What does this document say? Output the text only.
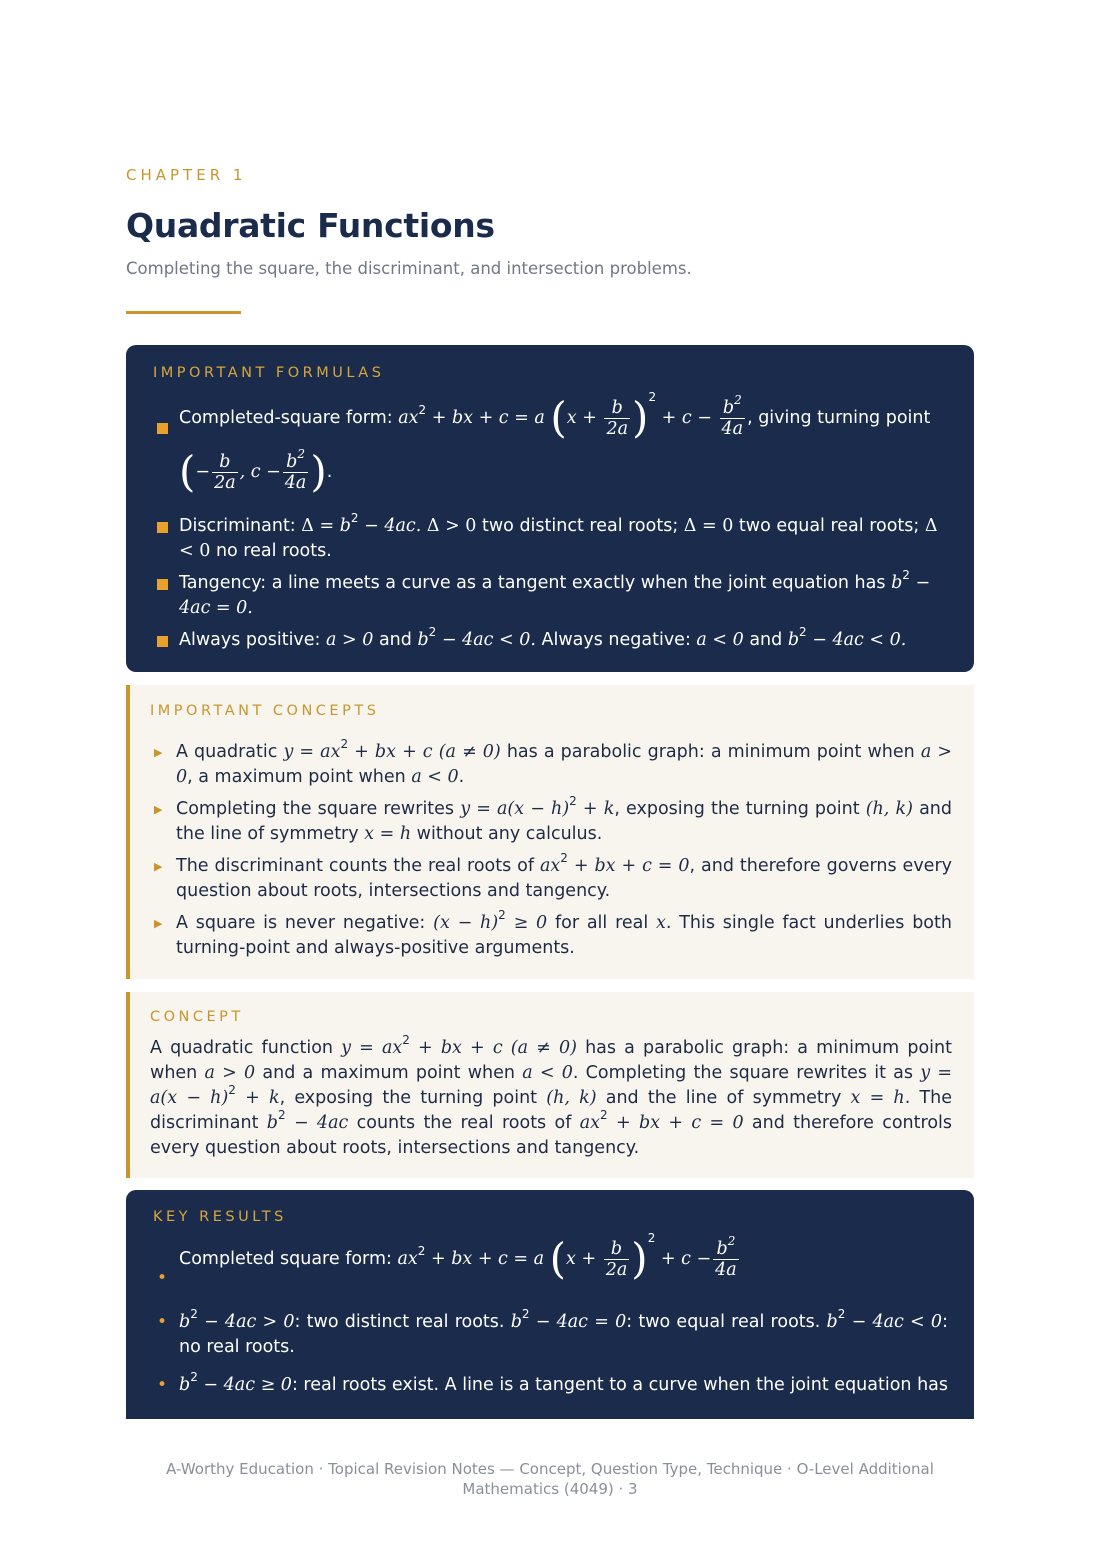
CHAPTER 1
Quadratic Functions
Completing the square, the discriminant, and intersection problems.
IMPORTANT FORMULAS
Completed-square form: $ax^2$ + bx + c = a $(x + \frac{b}{2a} )^2 + c - \frac{b^2}{4a}$ , giving turning point
(− $\frac{b}{2a}$ , $c - \frac{b^2}{4a}$ ).
Discriminant: $\Delta = b^2 - 4ac$. Δ > 0 two distinct real roots; Δ = 0 two equal real roots; Δ < 0 no real roots.
Tangency: a line meets a curve as a tangent exactly when the joint equation has $b^2 - 4ac = 0$.
Always positive: a > 0 and $b^2 - 4ac < 0$. Always negative: a < 0 and $b^2 - 4ac < 0$.
IMPORTANT CONCEPTS
▶ A quadratic $y = ax^2$ + bx + c (a ≠ 0) has a parabolic graph: a minimum point when a > 0, a maximum point when a < 0.
▶ Completing the square rewrites $y = a(x - h)^2 + k$, exposing the turning point (h, k) and the line of symmetry x = h without any calculus.
▶ The discriminant counts the real roots of $ax^2$ + bx + c = 0, and therefore governs every question about roots, intersections and tangency.
▶ A square is never negative: $(x - h)^2 \ge 0$ for all real x. This single fact underlies both turning-point and always-positive arguments.
CONCEPT
A quadratic function $y = ax^2$ + bx + c (a ≠ 0) has a parabolic graph: a minimum point when a > 0 and a maximum point when a < 0. Completing the square rewrites it as $y = a(x - h)^2 + k$, exposing the turning point (h, k) and the line of symmetry x = h. The discriminant $b^2 - 4ac$ counts the real roots of $ax^2$ + bx + c = 0 and therefore controls every question about roots, intersections and tangency.
KEY RESULTS
•
Completed square form: $ax^2$ + bx + c = a $(x + \frac{b}{2a} )^2 + c - \frac{b^2}{4a}$
• $b^2 - 4ac > 0$: two distinct real roots. $b^2 - 4ac = 0$: two equal real roots. $b^2 - 4ac < 0$: no real roots.
• $b^2 - 4ac \ge 0$: real roots exist. A line is a tangent to a curve when the joint equation has
A-Worthy Education · Topical Revision Notes — Concept, Question Type, Technique · O-Level Additional Mathematics (4049) · 3
